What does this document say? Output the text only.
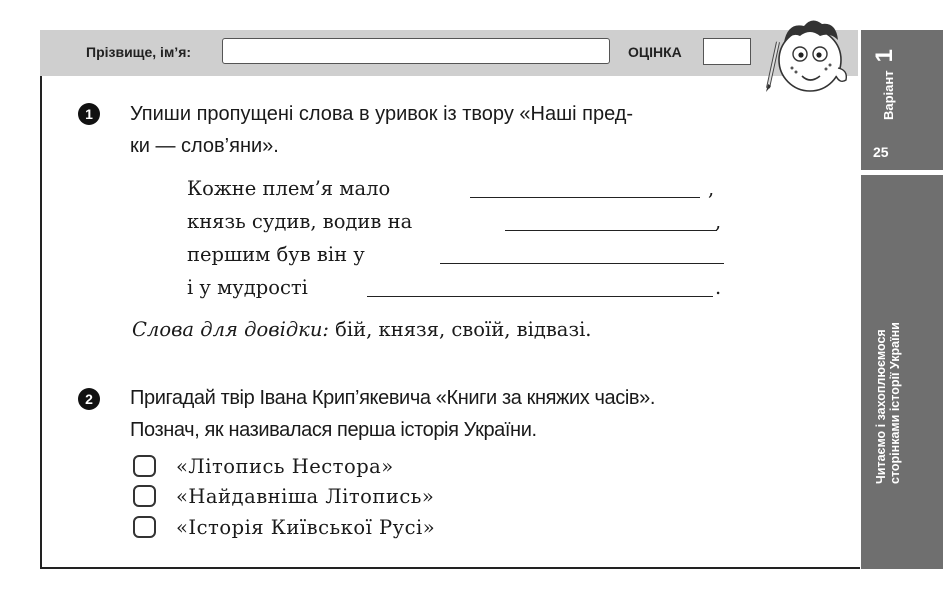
Прізвище, ім’я:	ОЦІНКА
Варіант
1
25
Читаємо і захоплюємося сторінками історії України
1	Упиши пропущені слова в уривок із твору «Наші пред-
ки — слов’яни».
Кожне плем’я мало	,
князь судив, водив на	,
першим був він у
і у мудрості	.
Слова для довідки: бій, князя, своїй, відвазі.
2	Пригадай твір Івана Крип’якевича «Книги за княжих часів».
Познач, як називалася перша історія України.
«Літопись Нестора»
«Найдавніша Літопись»
«Історія Київської Русі»
